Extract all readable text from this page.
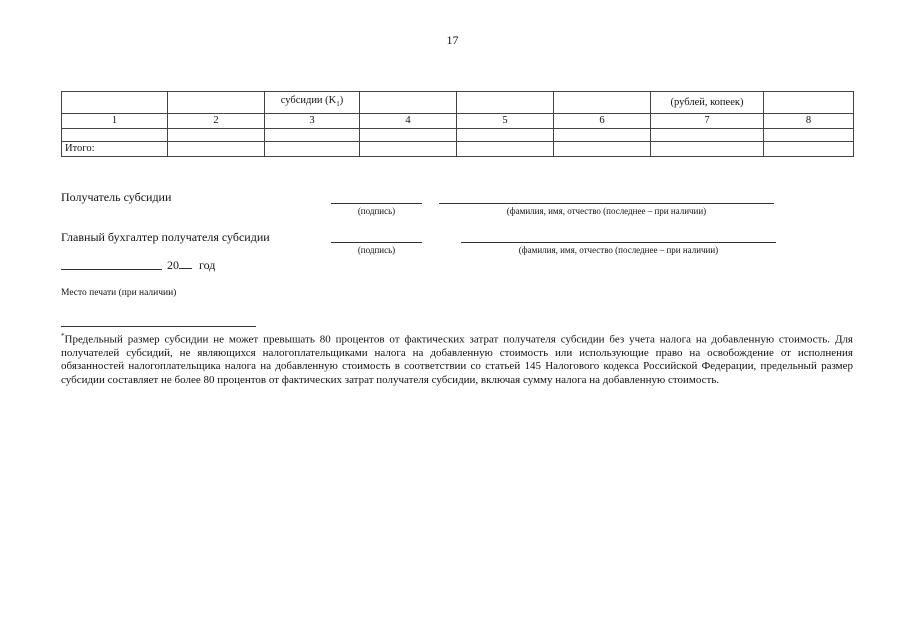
17
		субсидии $(K_1)$				(рублей, копеек)	
1	2	3	4	5	6	7	8

Итого:							
Получатель субсидии
(подпись)	(фамилия, имя, отчество (последнее – при наличии)
Главный бухгалтер получателя субсидии
(подпись)	(фамилия, имя, отчество (последнее – при наличии)
20 год
Место печати (при наличии)
*Предельный размер субсидии не может превышать 80 процентов от фактических затрат получателя субсидии без учета налога на добавленную стоимость. Для получателей субсидий, не являющихся налогоплательщиками налога на добавленную стоимость или использующие право на освобождение от исполнения обязанностей налогоплательщика налога на добавленную стоимость в соответствии со статьей 145 Налогового кодекса Российской Федерации, предельный размер субсидии составляет не более 80 процентов от фактических затрат получателя субсидии, включая сумму налога на добавленную стоимость.
